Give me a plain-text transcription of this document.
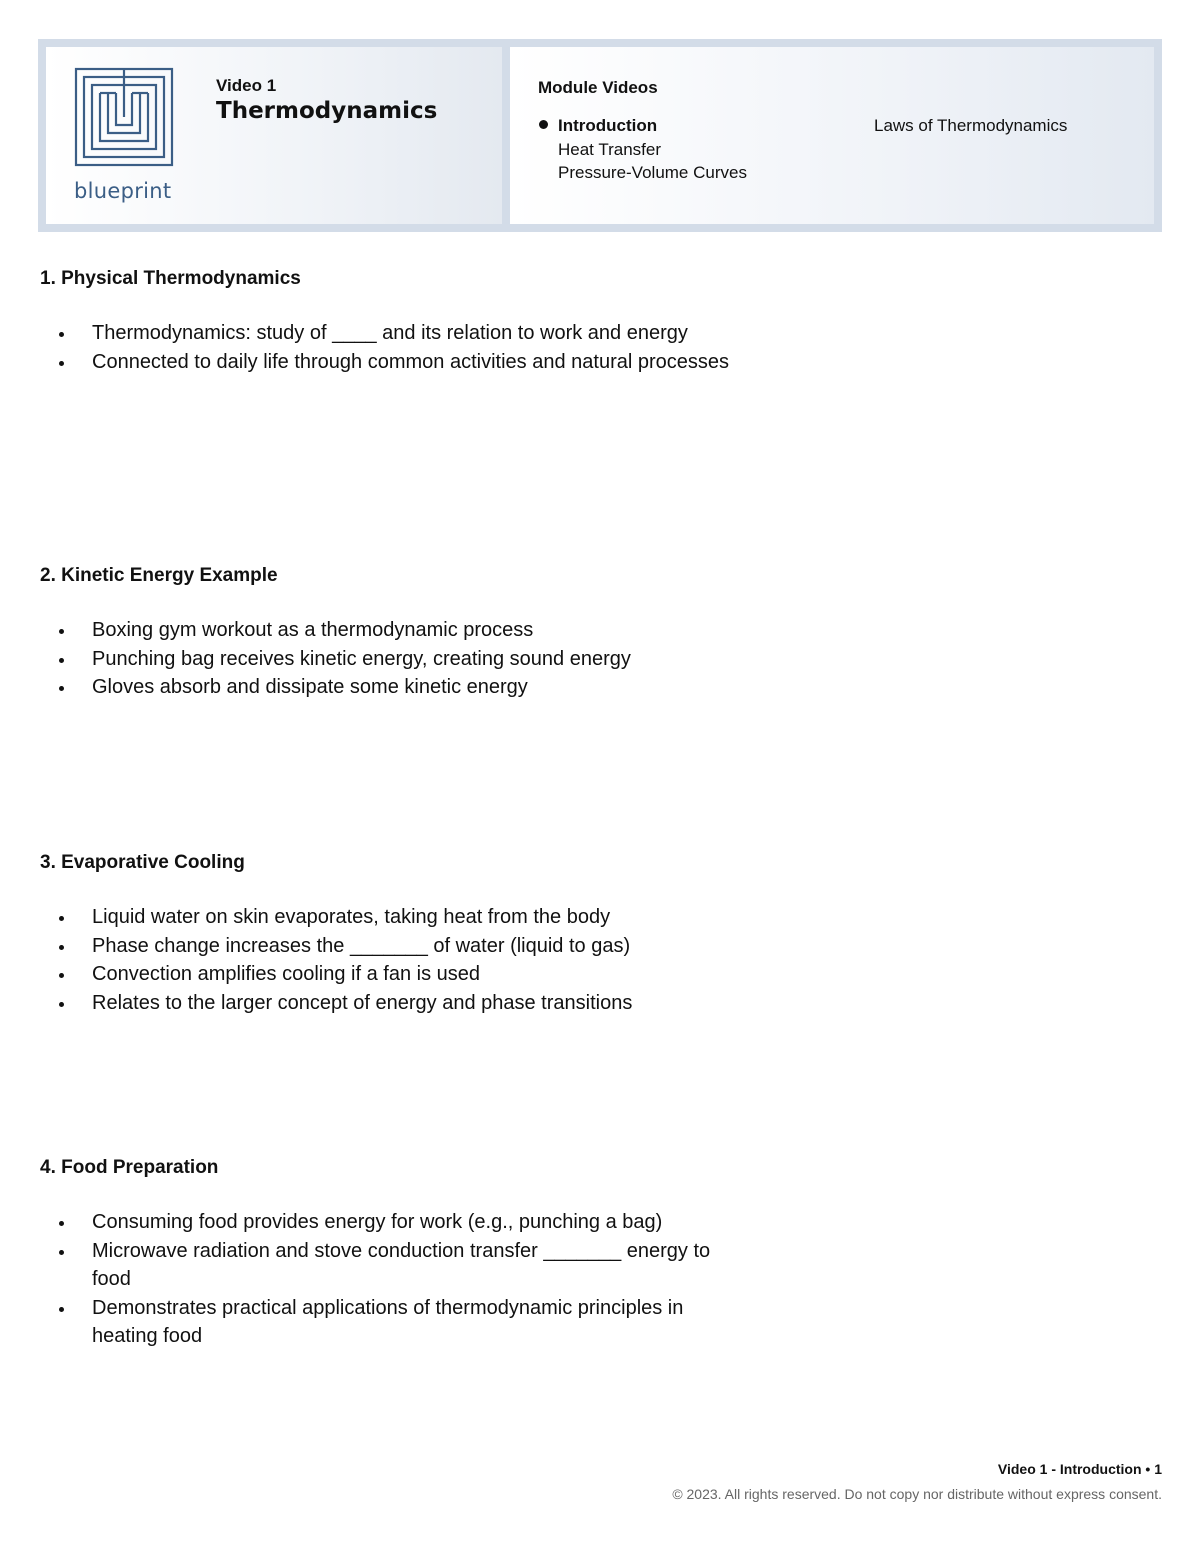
blueprint
Video 1
Thermodynamics
Module Videos
Introduction
Heat Transfer
Pressure-Volume Curves
Laws of Thermodynamics
1. Physical Thermodynamics
Thermodynamics: study of ____ and its relation to work and energy
Connected to daily life through common activities and natural processes
2. Kinetic Energy Example
Boxing gym workout as a thermodynamic process
Punching bag receives kinetic energy, creating sound energy
Gloves absorb and dissipate some kinetic energy
3. Evaporative Cooling
Liquid water on skin evaporates, taking heat from the body
Phase change increases the _______ of water (liquid to gas)
Convection amplifies cooling if a fan is used
Relates to the larger concept of energy and phase transitions
4. Food Preparation
Consuming food provides energy for work (e.g., punching a bag)
Microwave radiation and stove conduction transfer _______ energy to food
Demonstrates practical applications of thermodynamic principles in heating food
Video 1 - Introduction • 1
© 2023. All rights reserved. Do not copy nor distribute without express consent.
